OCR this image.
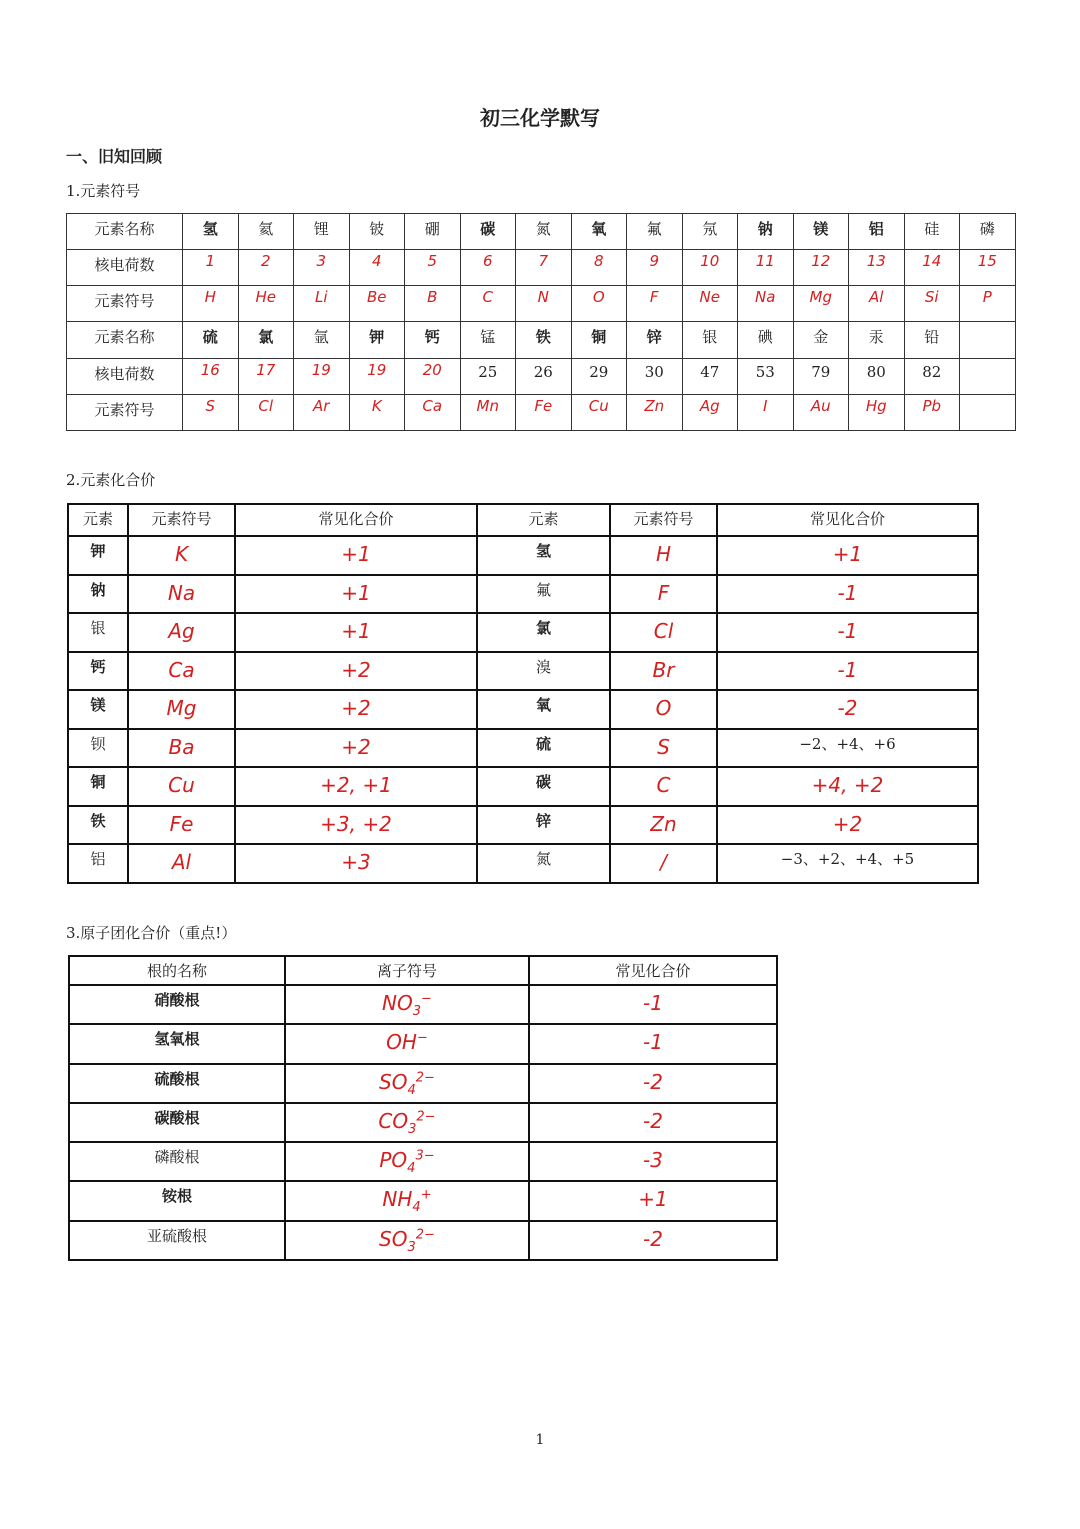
初三化学默写
一、旧知回顾
1.元素符号
元素名称	氢	氦	锂	铍	硼	碳	氮	氧	氟	氖	钠	镁	铝	硅	磷
核电荷数	1	2	3	4	5	6	7	8	9	10	11	12	13	14	15
元素符号	H	He	Li	Be	B	C	N	O	F	Ne	Na	Mg	Al	Si	P
元素名称	硫	氯	氩	钾	钙	锰	铁	铜	锌	银	碘	金	汞	铅	
核电荷数	16	17	19	19	20	25	26	29	30	47	53	79	80	82	
元素符号	S	Cl	Ar	K	Ca	Mn	Fe	Cu	Zn	Ag	I	Au	Hg	Pb	
2.元素化合价
元素	元素符号	常见化合价	元素	元素符号	常见化合价
钾	K	+1	氢	H	+1
钠	Na	+1	氟	F	-1
银	Ag	+1	氯	Cl	-1
钙	Ca	+2	溴	Br	-1
镁	Mg	+2	氧	O	-2
钡	Ba	+2	硫	S	−2、+4、+6
铜	Cu	+2, +1	碳	C	+4, +2
铁	Fe	+3, +2	锌	Zn	+2
铝	Al	+3	氮	/	−3、+2、+4、+5
3.原子团化合价（重点!）
根的名称	离子符号	常见化合价
硝酸根	$NO_3^-$	-1
氢氧根	OH−	-1
硫酸根	$SO_4^{2-}$	-2
碳酸根	$CO_3^{2-}$	-2
磷酸根	$PO_4^{3-}$	-3
铵根	$NH_4^+$	+1
亚硫酸根	$SO_3^{2-}$	-2
1
